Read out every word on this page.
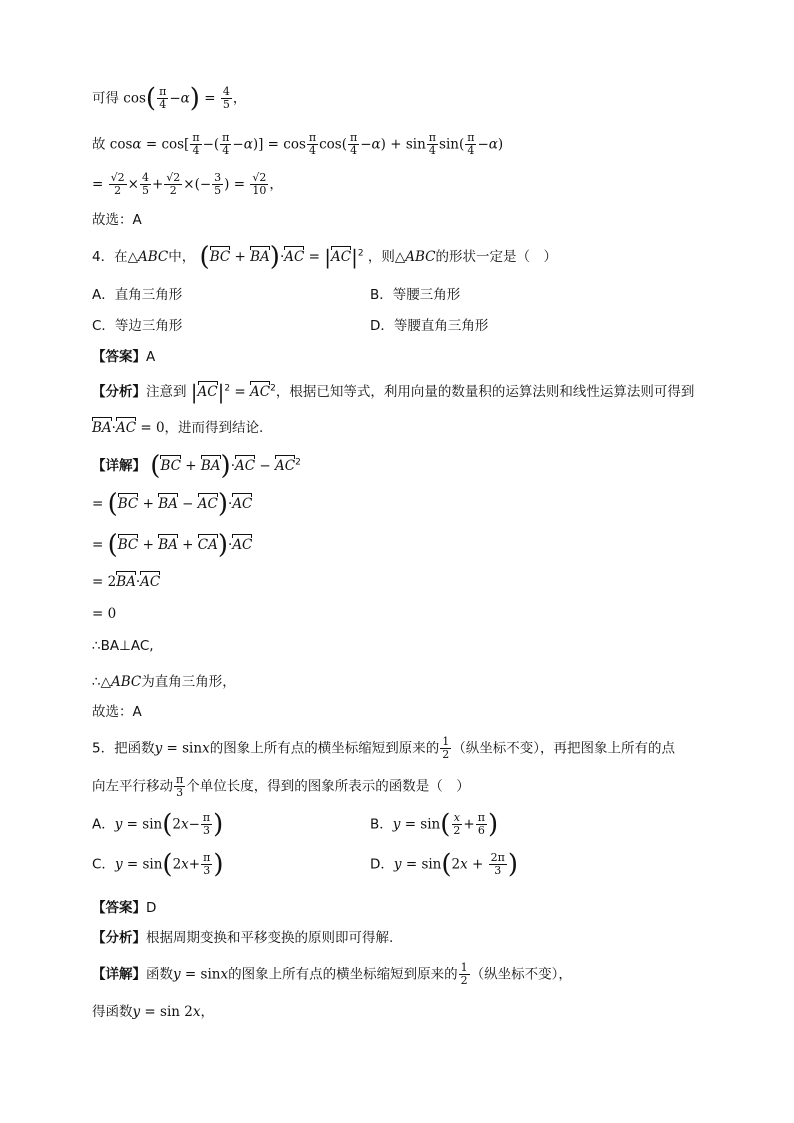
可得 $\cos( \frac{\pi}{4} -\alpha) = \frac{4}{5}$ ，
故 $\cos\alpha = \cos[ \frac{\pi}{4}$ −( $\frac{\pi}{4} -\alpha)] = \cos \frac{\pi}{4} \cos( \frac{\pi}{4} -\alpha) + \sin \frac{\pi}{4} \sin( \frac{\pi}{4} -\alpha)$
= $\frac{√2}{2} \times \frac{4}{5} + \frac{√2}{2}$ ×(− $\frac{3}{5}$ ) = $\frac{√2}{10}$ ，
故选：A
4．在△ABC中， $(BC + BA)\cdot AC = |AC|^2$ ，则△ABC的形状一定是（　）
A．直角三角形	B．等腰三角形
C．等边三角形	D．等腰直角三角形
【答案】A
【分析】注意到 $|AC|^2 = AC^2$，根据已知等式，利用向量的数量积的运算法则和线性运算法则可得到
BA·AC = 0，进而得到结论.
【详解】 $(BC + BA)\cdot AC - AC^2$
= (BC + BA − AC)·AC
= (BC + BA + CA)·AC
= 2BA·AC
= 0
∴BA⊥AC,
∴△ABC为直角三角形，
故选：A
5．把函数y = sinx的图象上所有点的横坐标缩短到原来的 $\frac{1}{2}$ （纵坐标不变），再把图象上所有的点
向左平行移动 $\frac{\pi}{3}$ 个单位长度，得到的图象所表示的函数是（　）
A．$y = \sin(2x- \frac{\pi}{3}$ )	B．$y = \sin( \frac{x}{2} + \frac{\pi}{6}$ )
C．$y = \sin(2x+ \frac{\pi}{3}$ )	D．$y = \sin(2x + \frac{2\pi}{3}$ )
【答案】D
【分析】根据周期变换和平移变换的原则即可得解.
【详解】函数y = sinx的图象上所有点的横坐标缩短到原来的 $\frac{1}{2}$ （纵坐标不变），
得函数y = sin 2x，
